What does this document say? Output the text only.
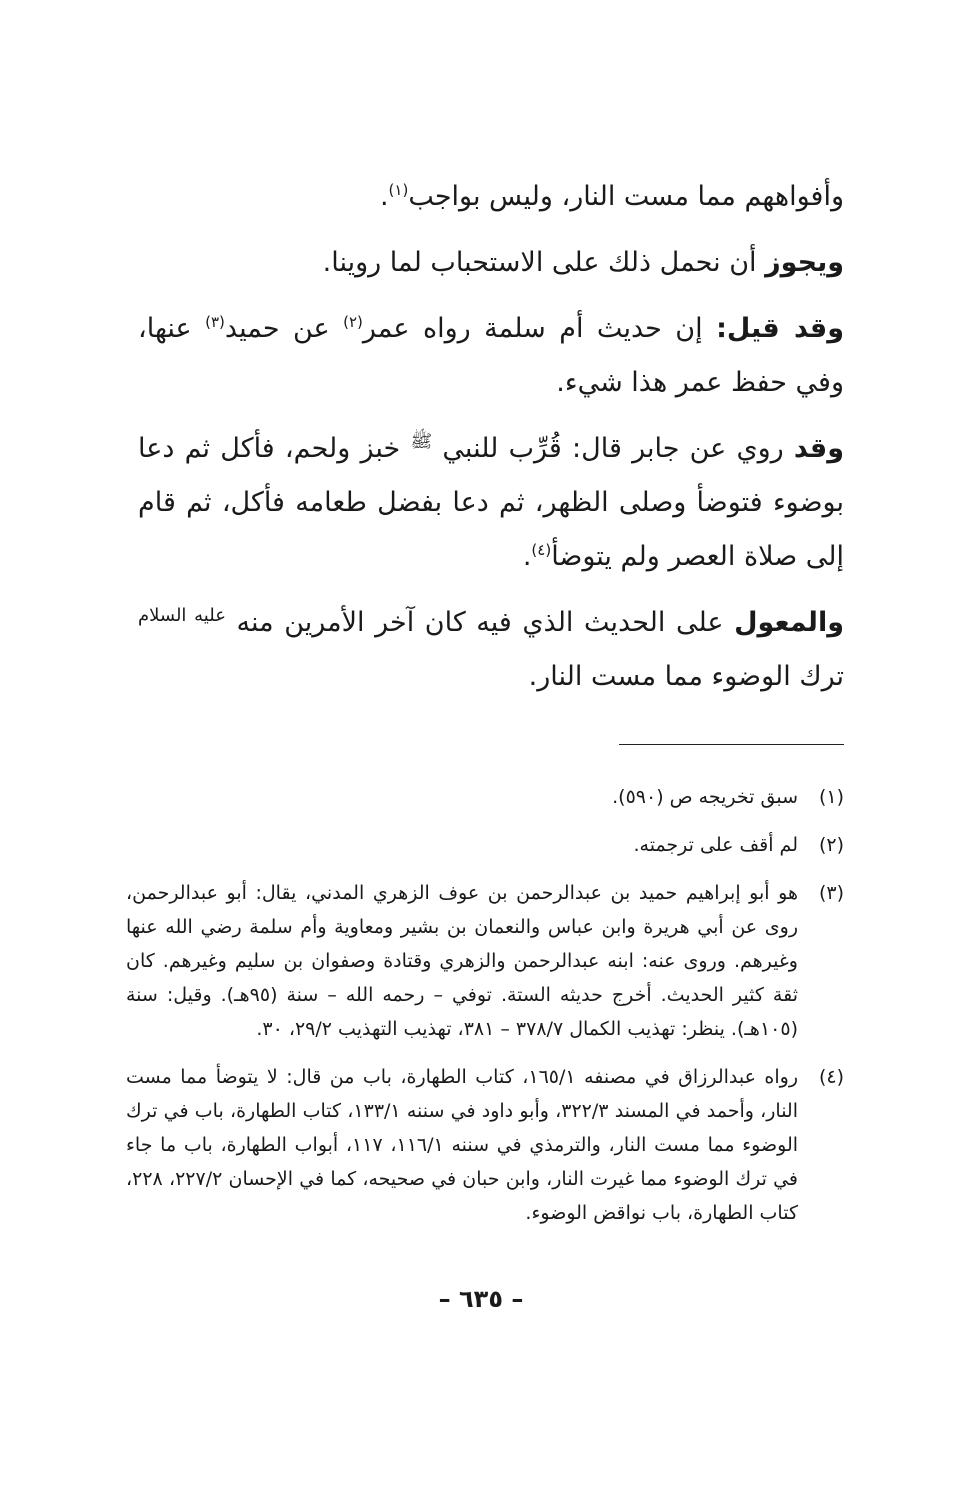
وأفواههم مما مست النار، وليس بواجب$^{(١)}$.

ويجوز أن نحمل ذلك على الاستحباب لما روينا.

وقد قيل: إن حديث أم سلمة رواه عمر$^{(٢)}$ عن حميد$^{(٣)}$ عنها، وفي حفظ عمر هذا شيء.

وقد روي عن جابر قال: قُرِّب للنبي $^ﷺ$ خبز ولحم، فأكل ثم دعا بوضوء فتوضأ وصلى الظهر، ثم دعا بفضل طعامه فأكل، ثم قام إلى صلاة العصر ولم يتوضأ$^{(٤)}$.

والمعول على الحديث الذي فيه كان آخر الأمرين منه $^{عليه السلام}$ ترك الوضوء مما مست النار.

(١)
سبق تخريجه ص (٥٩٠).
(٢)
لم أقف على ترجمته.
(٣)
هو أبو إبراهيم حميد بن عبدالرحمن بن عوف الزهري المدني، يقال: أبو عبدالرحمن، روى عن أبي هريرة وابن عباس والنعمان بن بشير ومعاوية وأم سلمة رضي الله عنها وغيرهم. وروى عنه: ابنه عبدالرحمن والزهري وقتادة وصفوان بن سليم وغيرهم. كان ثقة كثير الحديث. أخرج حديثه الستة. توفي – رحمه الله – سنة (٩٥هـ). وقيل: سنة (١٠٥هـ). ينظر: تهذيب الكمال ٣٧٨/٧ – ٣٨١، تهذيب التهذيب ٢٩/٢، ٣٠.
(٤)
رواه عبدالرزاق في مصنفه ١٦٥/١، كتاب الطهارة، باب من قال: لا يتوضأ مما مست النار، وأحمد في المسند ٣٢٢/٣، وأبو داود في سننه ١٣٣/١، كتاب الطهارة، باب في ترك الوضوء مما مست النار، والترمذي في سننه ١١٦/١، ١١٧، أبواب الطهارة، باب ما جاء في ترك الوضوء مما غيرت النار، وابن حبان في صحيحه، كما في الإحسان ٢٢٧/٢، ٢٢٨، كتاب الطهارة، باب نواقض الوضوء.
– ٦٣٥ –
